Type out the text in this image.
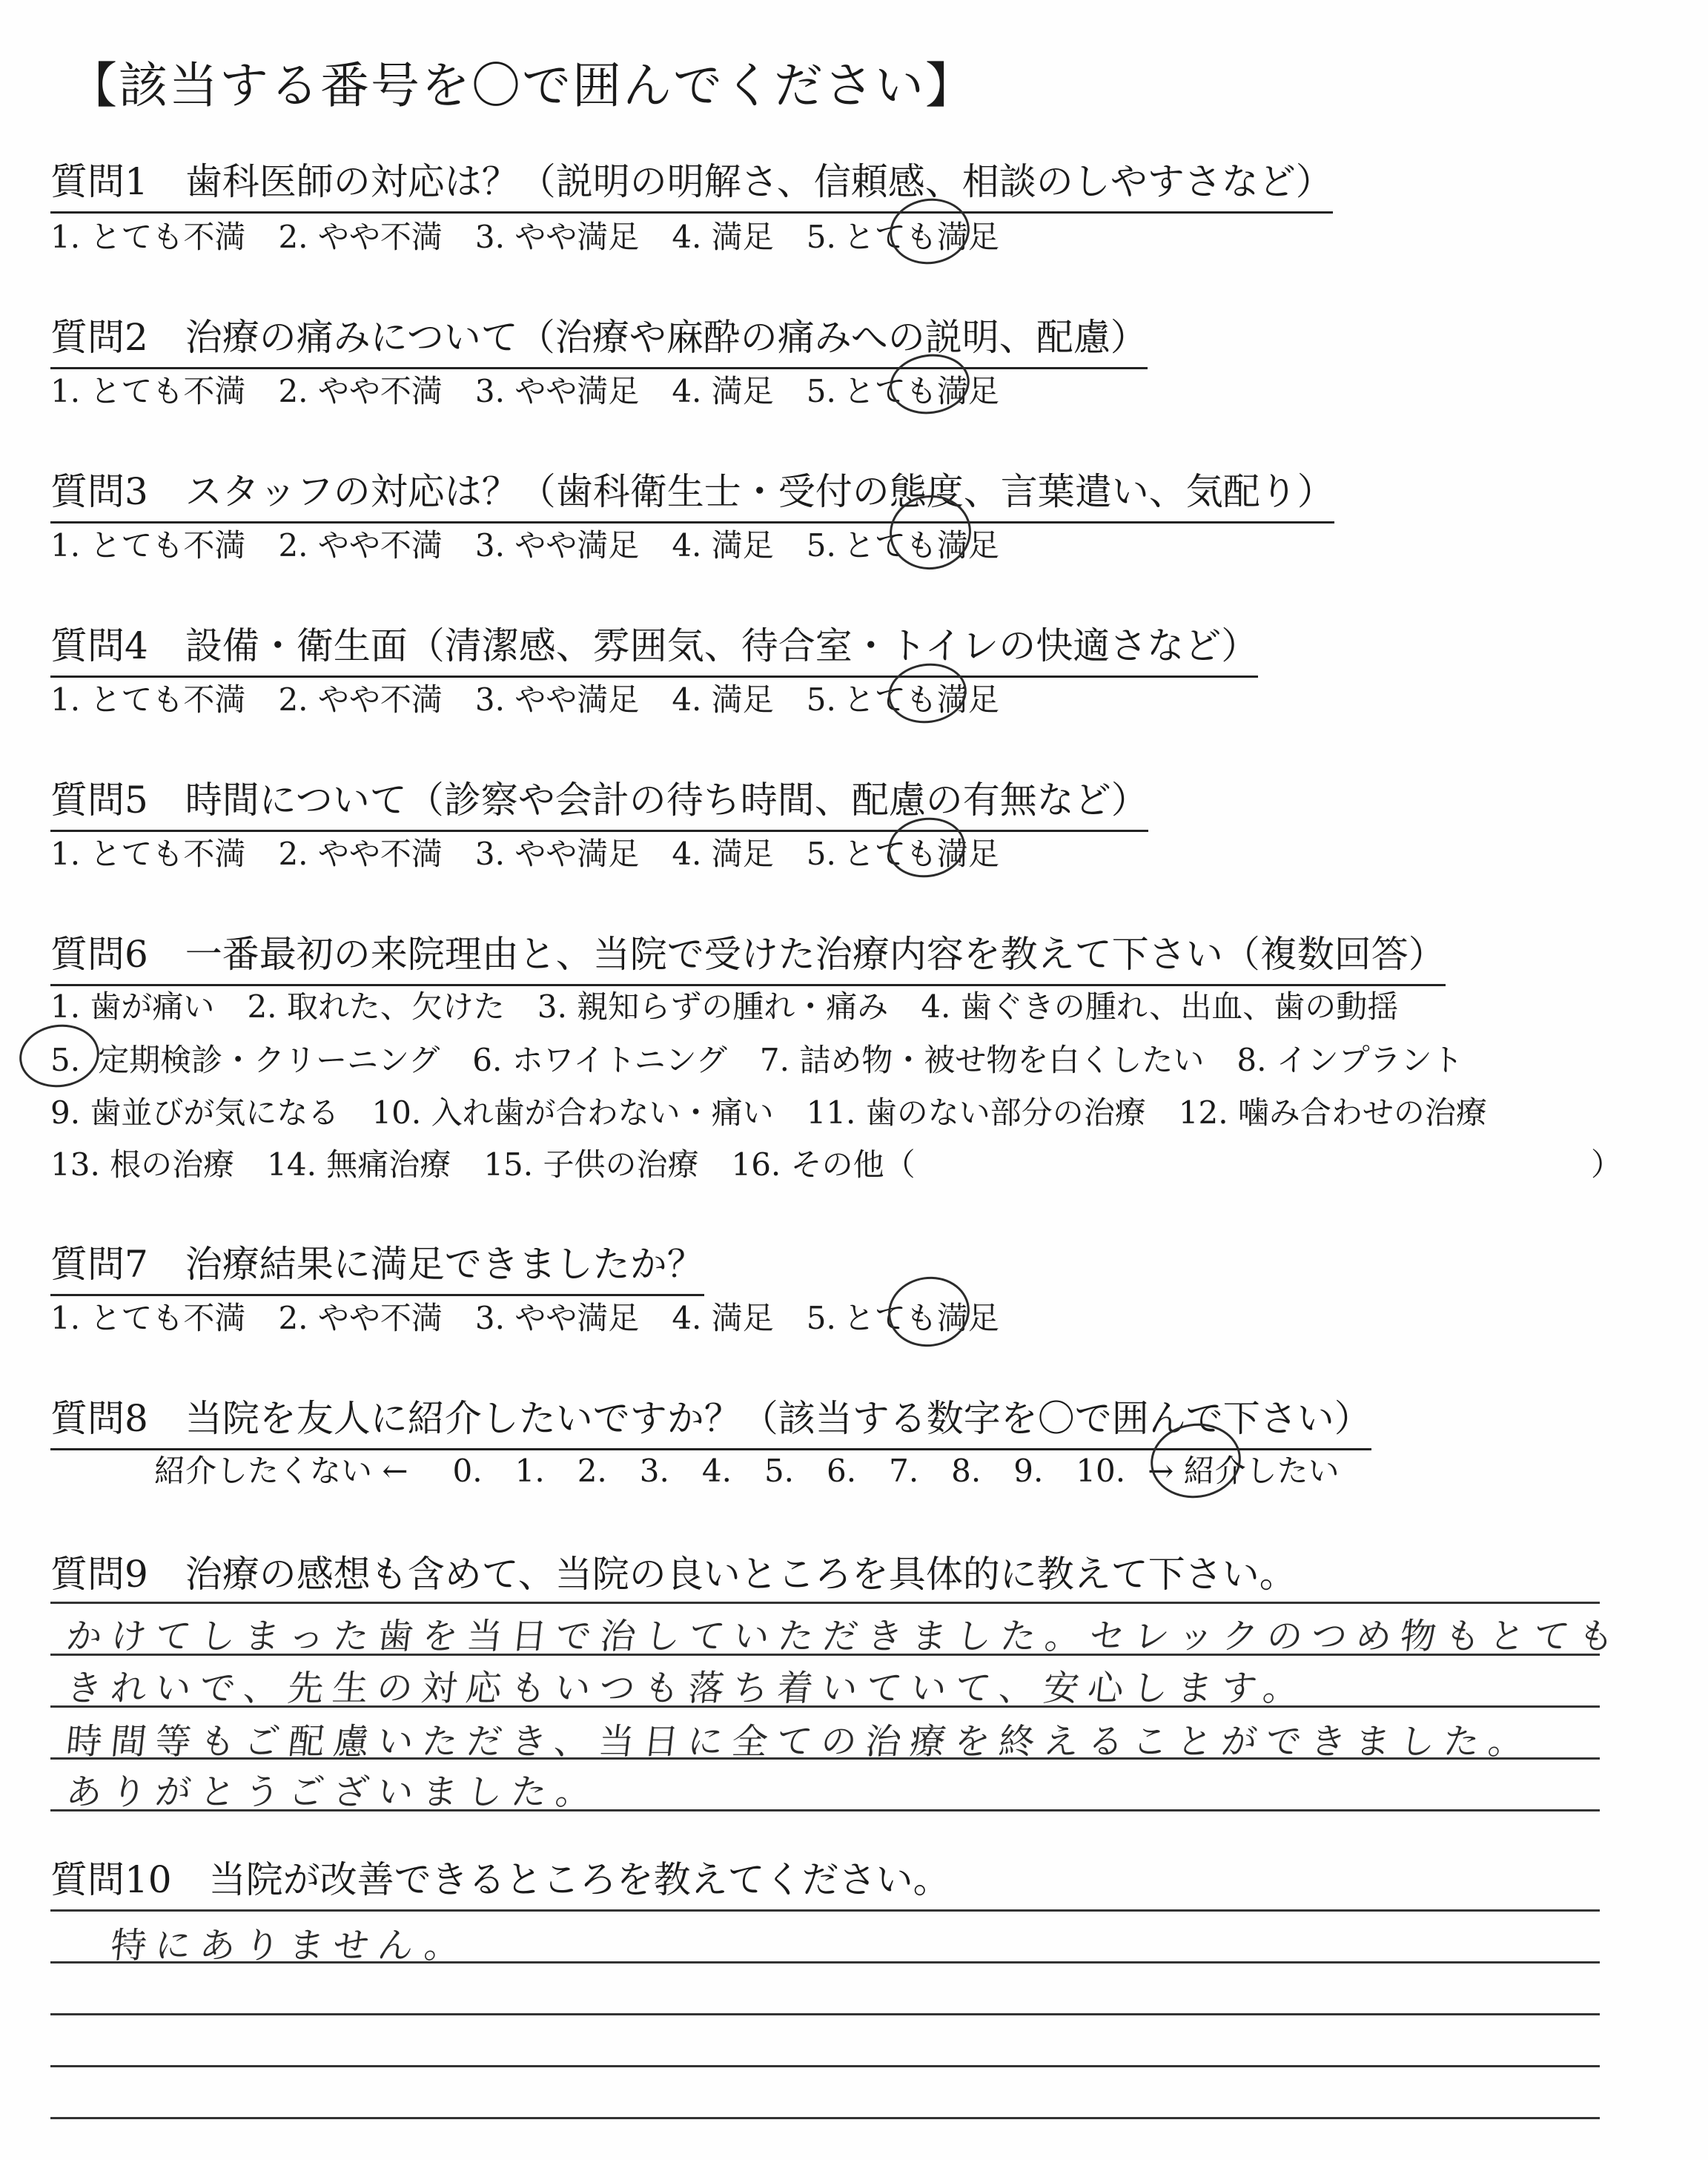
【該当する番号を〇で囲んでください】
質問1　歯科医師の対応は？（説明の明解さ、信頼感、相談のしやすさなど）
1. とても不満 2. やや不満 3. やや満足 4. 満足 5. とても満足
質問2　治療の痛みについて（治療や麻酔の痛みへの説明、配慮）
1. とても不満 2. やや不満 3. やや満足 4. 満足 5. とても満足
質問3　スタッフの対応は？（歯科衛生士・受付の態度、言葉遣い、気配り）
1. とても不満 2. やや不満 3. やや満足 4. 満足 5. とても満足
質問4　設備・衛生面（清潔感、雰囲気、待合室・トイレの快適さなど）
1. とても不満 2. やや不満 3. やや満足 4. 満足 5. とても満足
質問5　時間について（診察や会計の待ち時間、配慮の有無など）
1. とても不満 2. やや不満 3. やや満足 4. 満足 5. とても満足
質問6　一番最初の来院理由と、当院で受けた治療内容を教えて下さい（複数回答）
1. 歯が痛い 2. 取れた、欠けた 3. 親知らずの腫れ・痛み 4. 歯ぐきの腫れ、出血、歯の動揺
5. 定期検診・クリーニング 6. ホワイトニング 7. 詰め物・被せ物を白くしたい 8. インプラント
9. 歯並びが気になる 10. 入れ歯が合わない・痛い 11. 歯のない部分の治療 12. 噛み合わせの治療
13. 根の治療 14. 無痛治療 15. 子供の治療 16. その他（	）
質問7　治療結果に満足できましたか？
1. とても不満 2. やや不満 3. やや満足 4. 満足 5. とても満足
質問8　当院を友人に紹介したいですか？（該当する数字を〇で囲んで下さい）
紹介したくない ← 0. 1. 2. 3. 4. 5. 6. 7. 8. 9. 10. → 紹介したい
質問9　治療の感想も含めて、当院の良いところを具体的に教えて下さい。
かけてしまった歯を当日で治していただきました。セレックのつめ物もとても
きれいで、先生の対応もいつも落ち着いていて、安心します。
時間等もご配慮いただき、当日に全ての治療を終えることができました。
ありがとうございました。
質問10　当院が改善できるところを教えてください。
特にありません。
